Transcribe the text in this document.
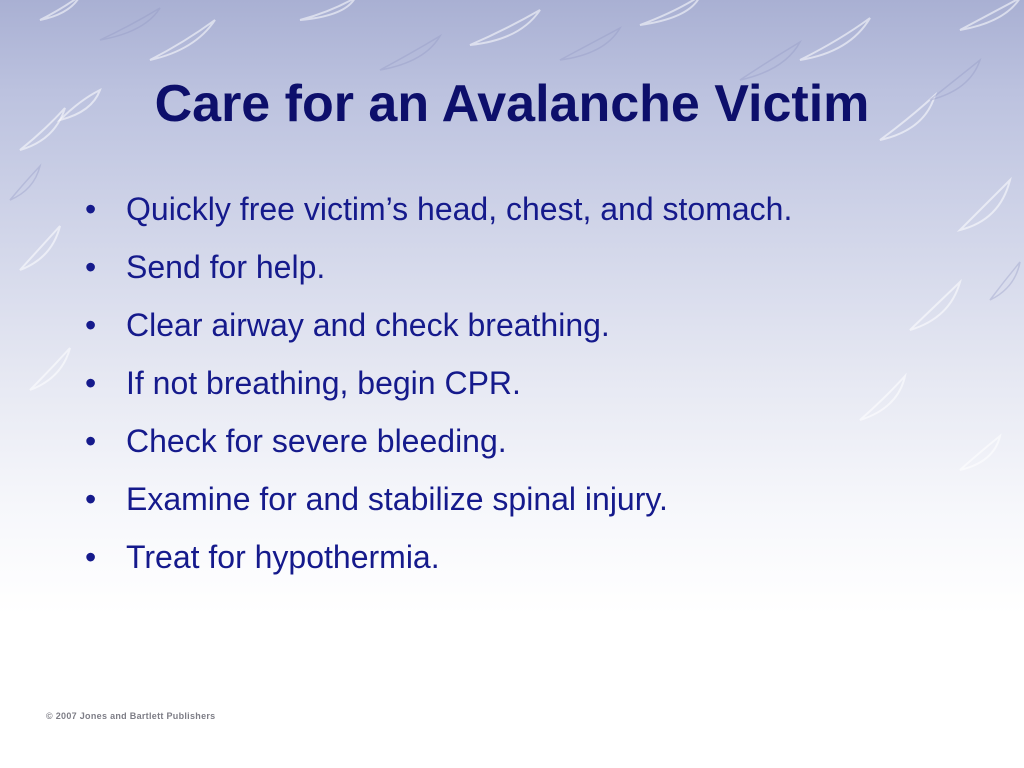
Care for an Avalanche Victim
• Quickly free victim’s head, chest, and stomach.
• Send for help.
• Clear airway and check breathing.
• If not breathing, begin CPR.
• Check for severe bleeding.
• Examine for and stabilize spinal injury.
• Treat for hypothermia.
© 2007 Jones and Bartlett Publishers
